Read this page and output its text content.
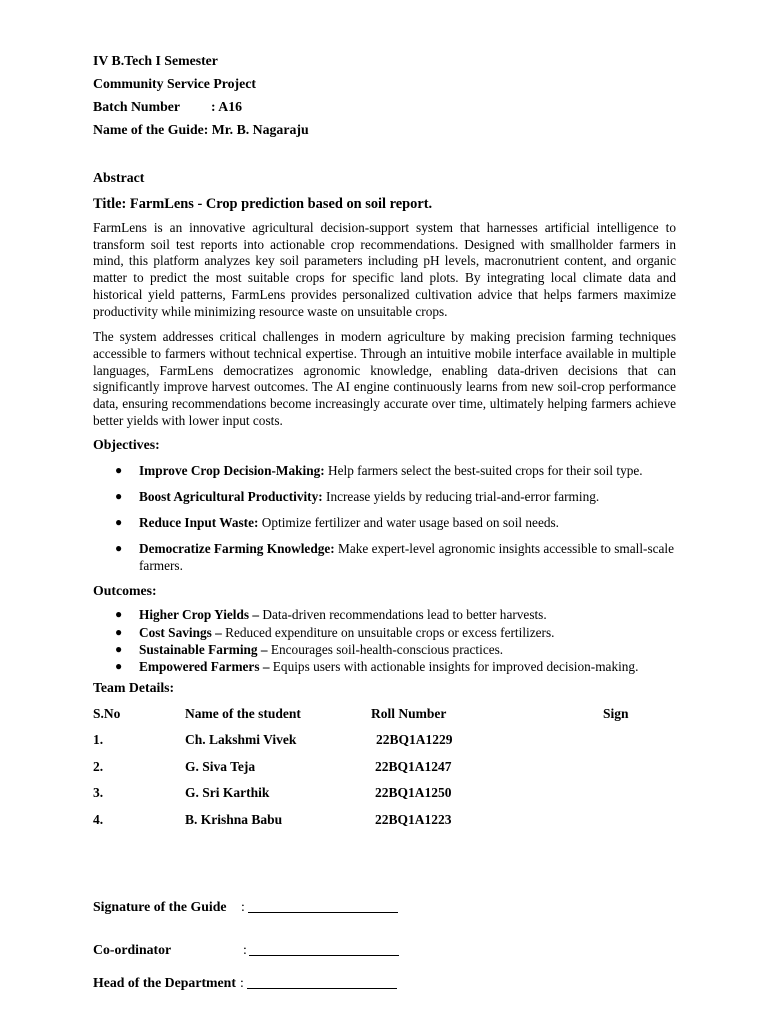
IV B.Tech I Semester
Community Service Project
Batch Number : A16
Name of the Guide: Mr. B. Nagaraju
Abstract
Title: FarmLens - Crop prediction based on soil report.

FarmLens is an innovative agricultural decision-support system that harnesses artificial intelligence to transform soil test reports into actionable crop recommendations. Designed with smallholder farmers in mind, this platform analyzes key soil parameters including pH levels, macronutrient content, and organic matter to predict the most suitable crops for specific land plots. By integrating local climate data and historical yield patterns, FarmLens provides personalized cultivation advice that helps farmers maximize productivity while minimizing resource waste on unsuitable crops.

The system addresses critical challenges in modern agriculture by making precision farming techniques accessible to farmers without technical expertise. Through an intuitive mobile interface available in multiple languages, FarmLens democratizes agronomic knowledge, enabling data-driven decisions that can significantly improve harvest outcomes. The AI engine continuously learns from new soil-crop performance data, ensuring recommendations become increasingly accurate over time, ultimately helping farmers achieve better yields with lower input costs.

Objectives:
● Improve Crop Decision-Making: Help farmers select the best-suited crops for their soil type.
● Boost Agricultural Productivity: Increase yields by reducing trial-and-error farming.
● Reduce Input Waste: Optimize fertilizer and water usage based on soil needs.
● Democratize Farming Knowledge: Make expert-level agronomic insights accessible to small-scale farmers.
Outcomes:
● Higher Crop Yields – Data-driven recommendations lead to better harvests.
● Cost Savings – Reduced expenditure on unsuitable crops or excess fertilizers.
● Sustainable Farming – Encourages soil-health-conscious practices.
● Empowered Farmers – Equips users with actionable insights for improved decision-making.
Team Details:
S.No	Name of the student	Roll Number	Sign
1.	Ch. Lakshmi Vivek	22BQ1A1229
2.	G. Siva Teja	22BQ1A1247
3.	G. Sri Karthik	22BQ1A1250
4.	B. Krishna Babu	22BQ1A1223
Signature of the Guide :
Co-ordinator	:
Head of the Department :
